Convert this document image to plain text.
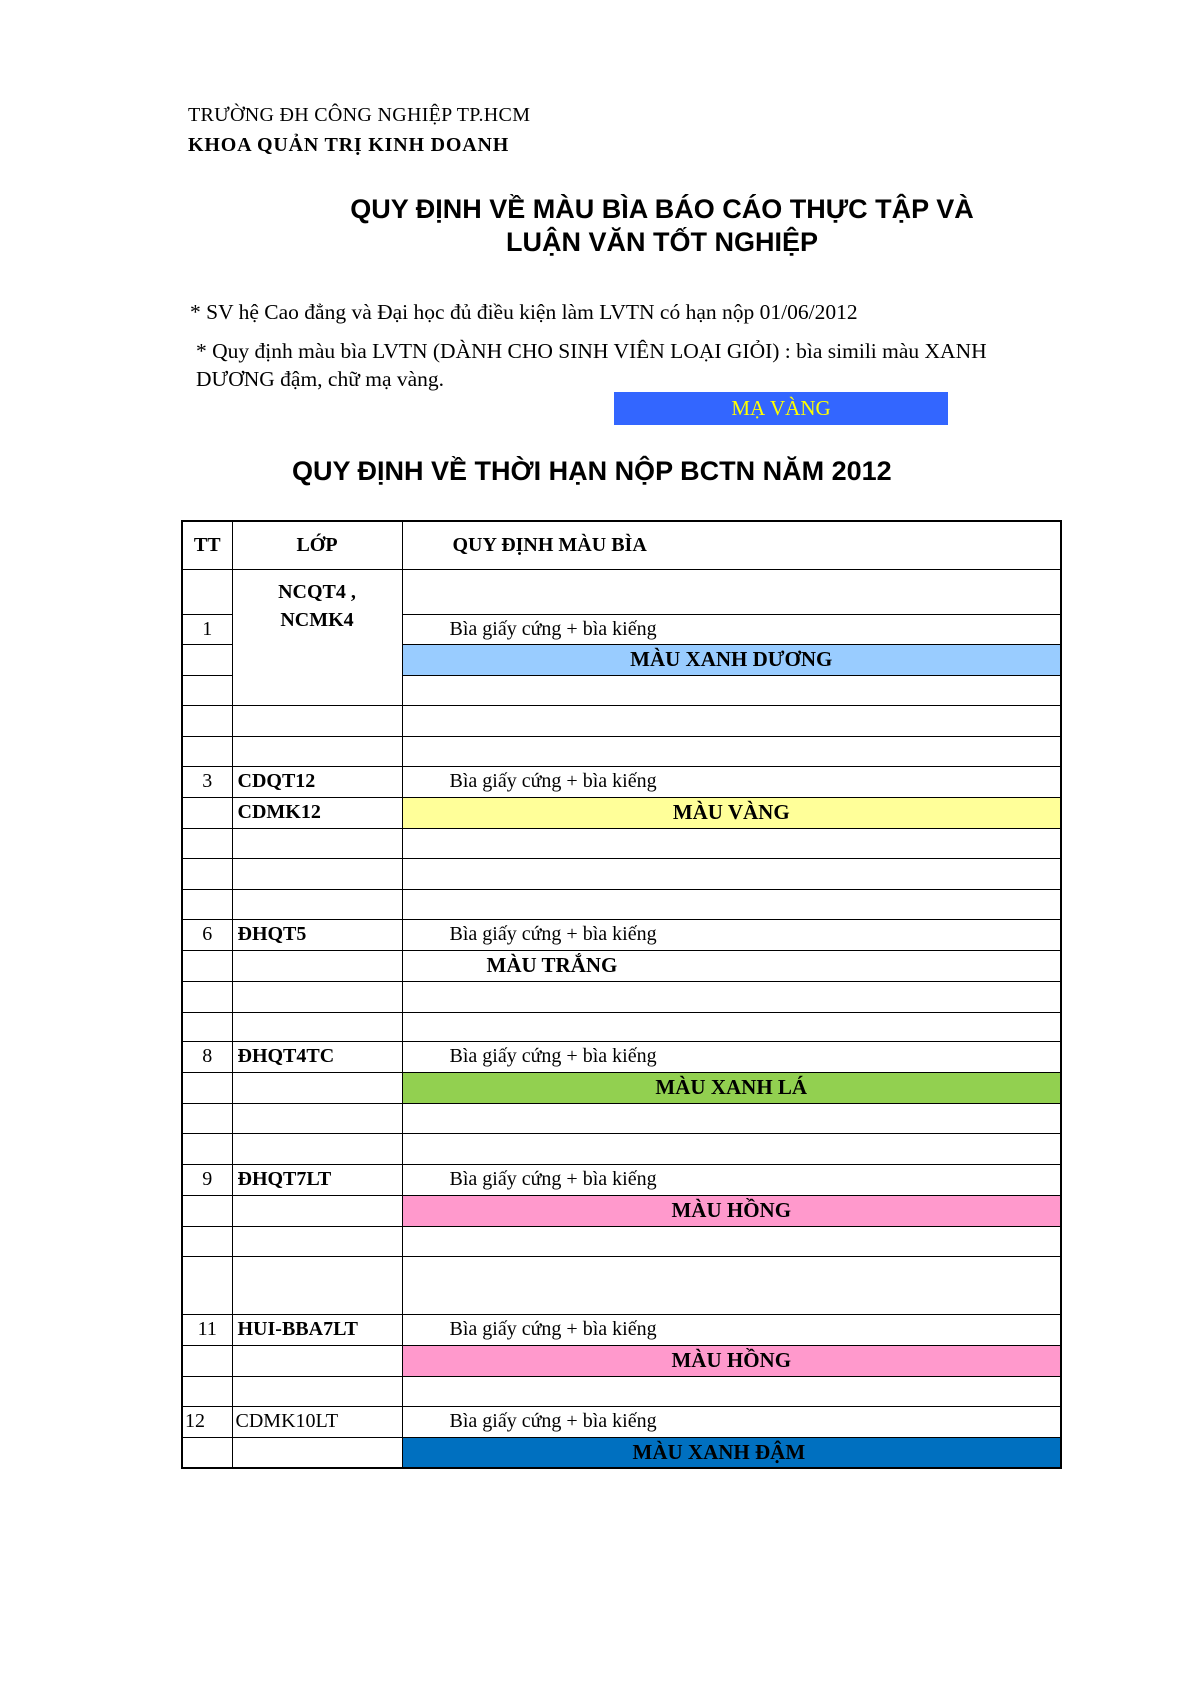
TRƯỜNG ĐH CÔNG NGHIỆP TP.HCM
KHOA QUẢN TRỊ KINH DOANH
QUY ĐỊNH VỀ MÀU BÌA BÁO CÁO THỰC TẬP VÀ
LUẬN VĂN TỐT NGHIỆP
* SV hệ Cao đẳng và Đại học đủ điều kiện làm LVTN có hạn nộp 01/06/2012
* Quy định màu bìa LVTN (DÀNH CHO SINH VIÊN LOẠI GIỎI) : bìa simili màu XANH DƯƠNG đậm, chữ mạ vàng.
MẠ VÀNG
QUY ĐỊNH VỀ THỜI HẠN NỘP BCTN NĂM 2012
TT	LỚP	QUY ĐỊNH MÀU BÌA
	NCQT4 , NCMK4	
1		Bìa giấy cứng + bìa kiếng
		MÀU XANH DƯƠNG

3	CDQT12	Bìa giấy cứng + bìa kiếng
	CDMK12	MÀU VÀNG

6	ĐHQT5	Bìa giấy cứng + bìa kiếng
		MÀU TRẮNG

8	ĐHQT4TC	Bìa giấy cứng + bìa kiếng
		MÀU XANH LÁ

9	ĐHQT7LT	Bìa giấy cứng + bìa kiếng
		MÀU HỒNG

11	HUI-BBA7LT	Bìa giấy cứng + bìa kiếng
		MÀU HỒNG

12	CDMK10LT	Bìa giấy cứng + bìa kiếng
		MÀU XANH ĐẬM
